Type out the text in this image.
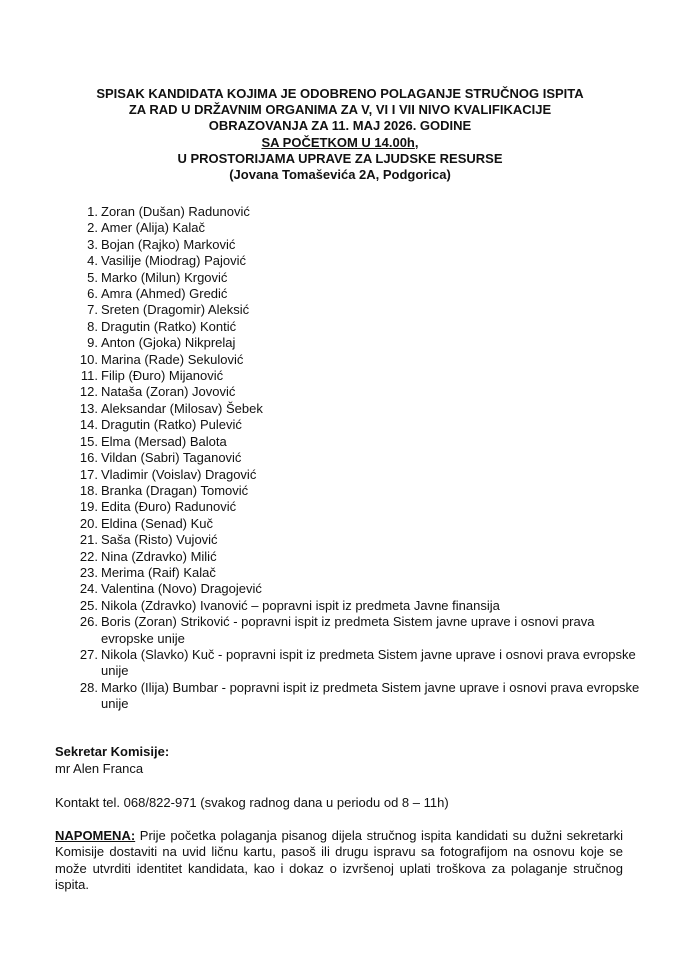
SPISAK KANDIDATA KOJIMA JE ODOBRENO POLAGANJE STRUČNOG ISPITA
ZA RAD U DRŽAVNIM ORGANIMA ZA V, VI I VII NIVO KVALIFIKACIJE
OBRAZOVANJA ZA 11. MAJ 2026. GODINE
SA POČETKOM U 14.00h,
U PROSTORIJAMA UPRAVE ZA LJUDSKE RESURSE
(Jovana Tomaševića 2A, Podgorica)
1. Zoran (Dušan) Radunović
2. Amer (Alija) Kalač
3. Bojan (Rajko) Marković
4. Vasilije (Miodrag) Pajović
5. Marko (Milun) Krgović
6. Amra (Ahmed) Gredić
7. Sreten (Dragomir) Aleksić
8. Dragutin (Ratko) Kontić
9. Anton (Gjoka) Nikprelaj
10. Marina (Rade) Sekulović
11. Filip (Đuro) Mijanović
12. Nataša (Zoran) Jovović
13. Aleksandar (Milosav) Šebek
14. Dragutin (Ratko) Pulević
15. Elma (Mersad) Balota
16. Vildan (Sabri) Taganović
17. Vladimir (Voislav) Dragović
18. Branka (Dragan) Tomović
19. Edita (Đuro) Radunović
20. Eldina (Senad) Kuč
21. Saša (Risto) Vujović
22. Nina (Zdravko) Milić
23. Merima (Raif) Kalač
24. Valentina (Novo) Dragojević
25. Nikola (Zdravko) Ivanović – popravni ispit iz predmeta Javne finansija
26. Boris (Zoran) Striković - popravni ispit iz predmeta Sistem javne uprave i osnovi prava evropske unije
27. Nikola (Slavko) Kuč - popravni ispit iz predmeta Sistem javne uprave i osnovi prava evropske unije
28. Marko (Ilija) Bumbar - popravni ispit iz predmeta Sistem javne uprave i osnovi prava evropske unije
Sekretar Komisije:
mr Alen Franca
Kontakt tel. 068/822-971 (svakog radnog dana u periodu od 8 – 11h)

NAPOMENA: Prije početka polaganja pisanog dijela stručnog ispita kandidati su dužni sekretarki Komisije dostaviti na uvid ličnu kartu, pasoš ili drugu ispravu sa fotografijom na osnovu koje se može utvrditi identitet kandidata, kao i dokaz o izvršenoj uplati troškova za polaganje stručnog ispita.
